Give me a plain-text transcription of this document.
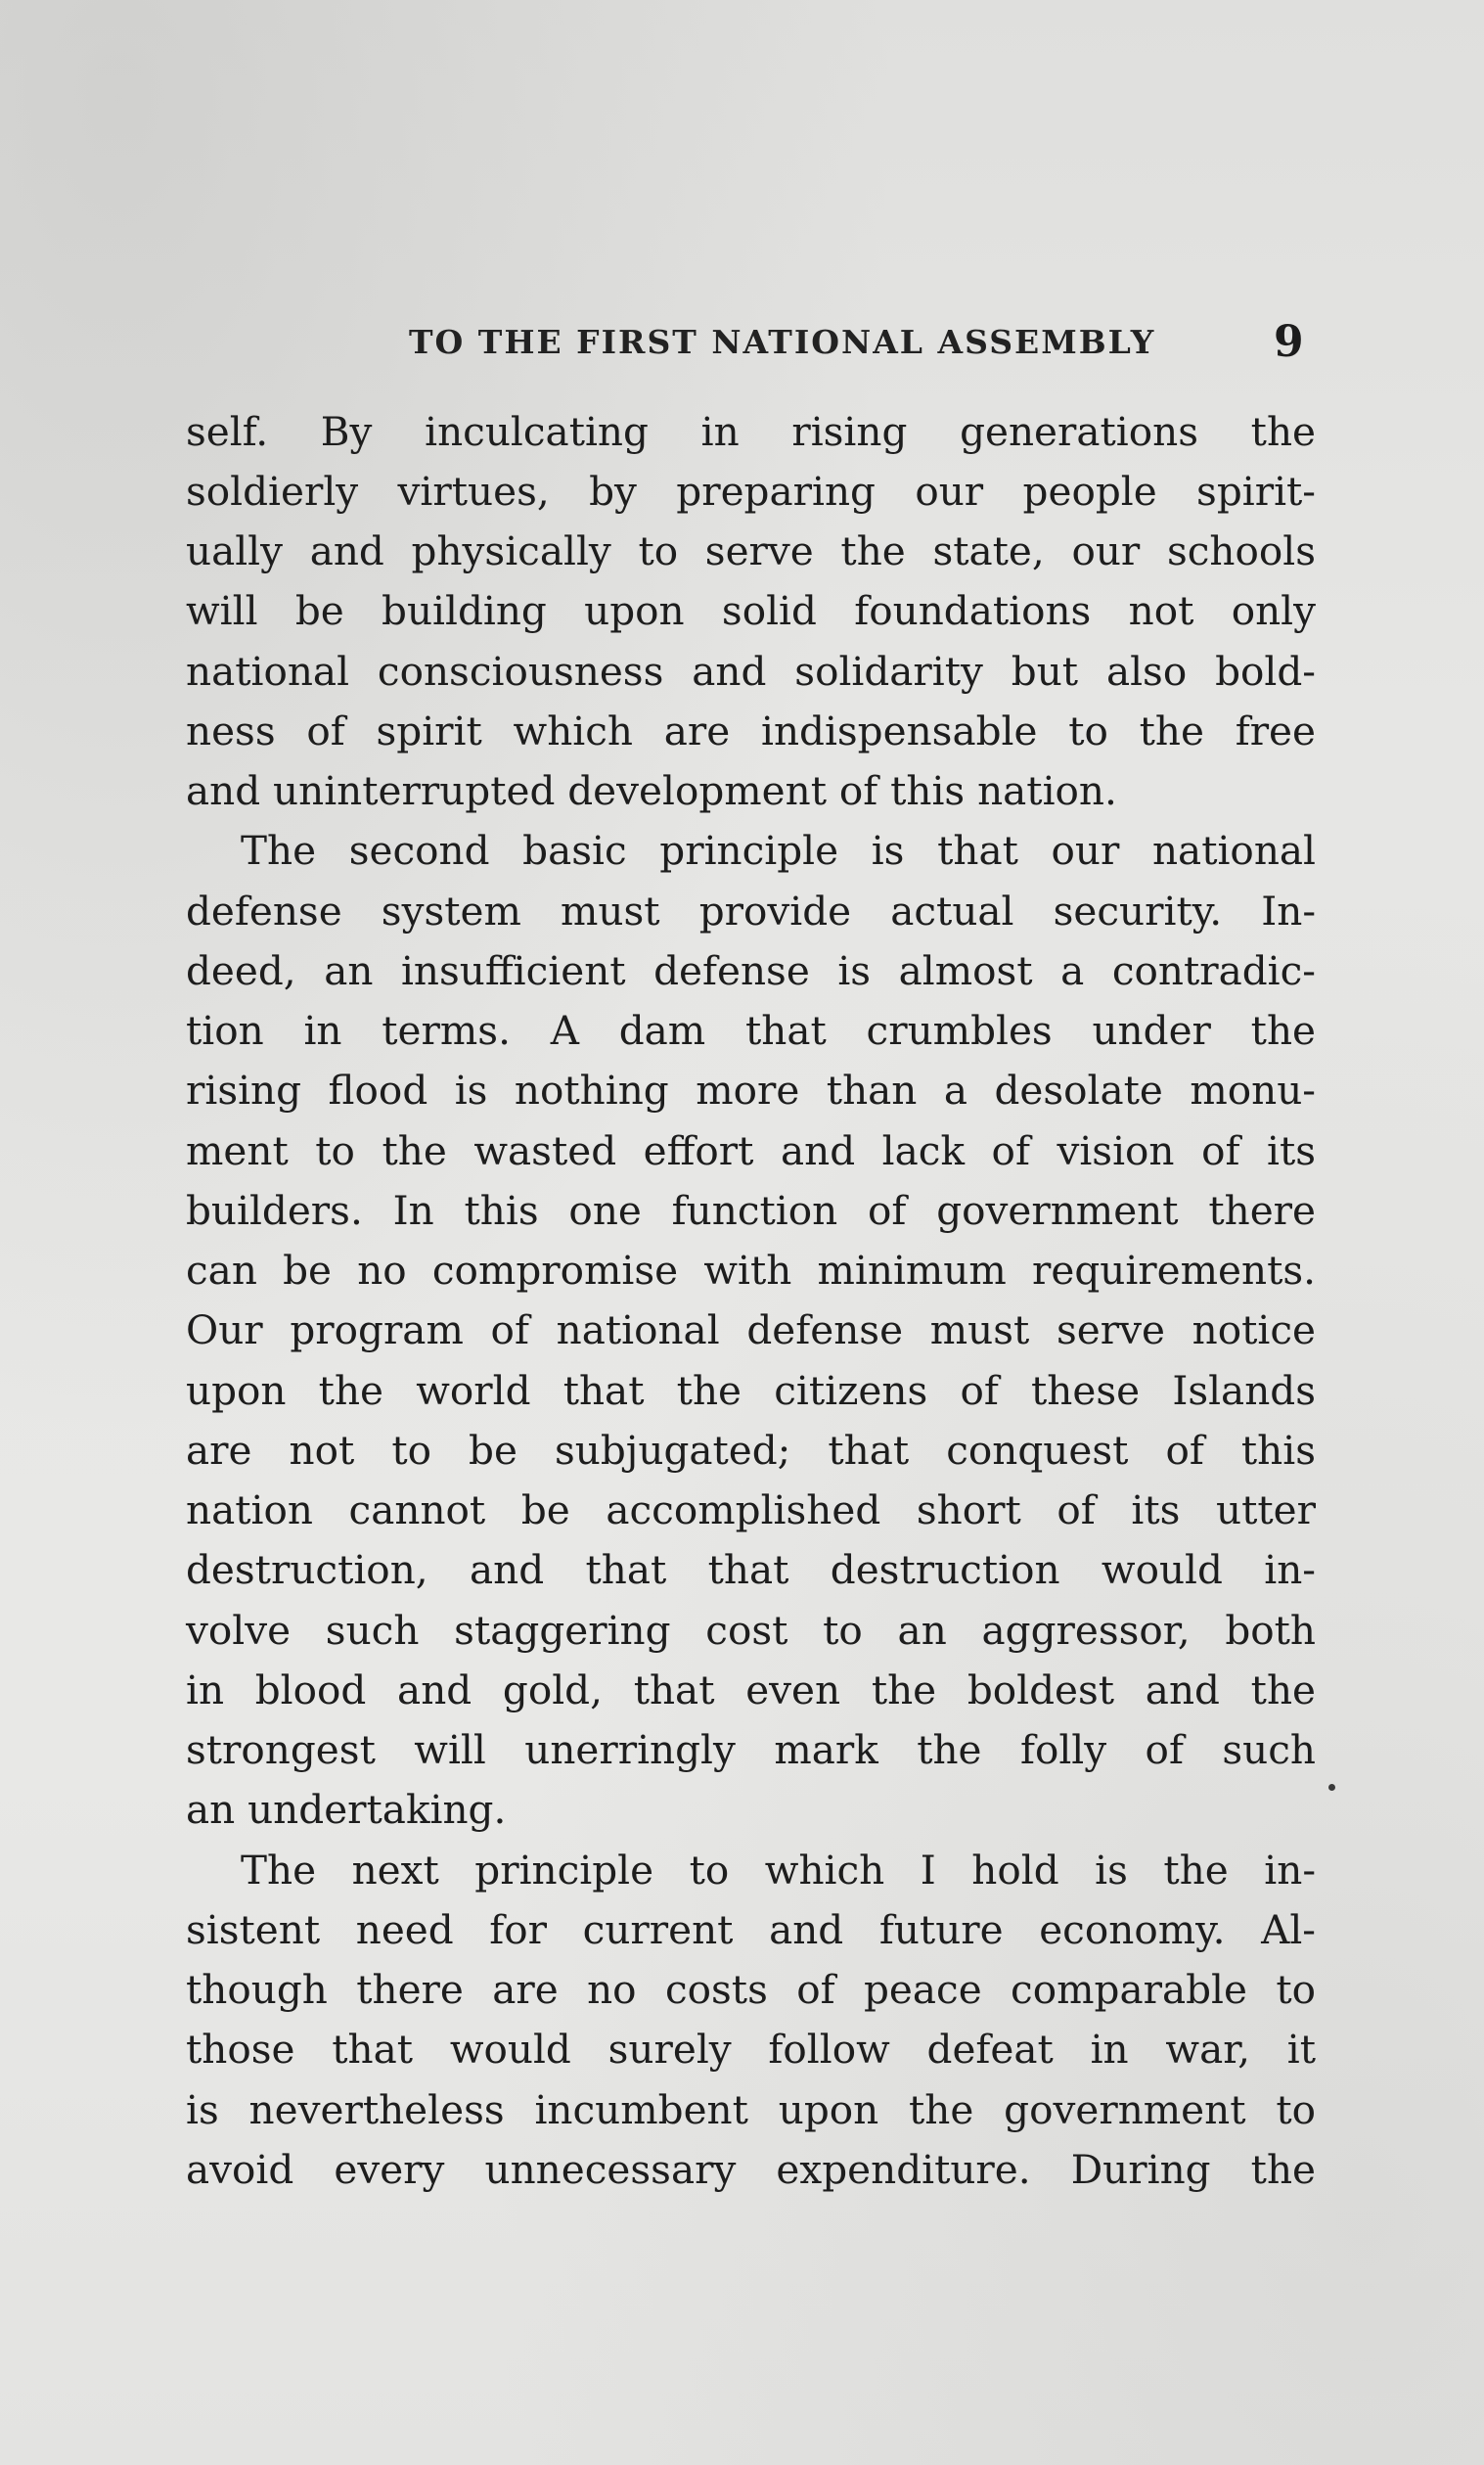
TO THE FIRST NATIONAL ASSEMBLY	9
self. By inculcating in rising generations the
soldierly virtues, by preparing our people spirit-
ually and physically to serve the state, our schools
will be building upon solid foundations not only
national consciousness and solidarity but also bold-
ness of spirit which are indispensable to the free
and uninterrupted development of this nation.
The second basic principle is that our national
defense system must provide actual security. In-
deed, an insufficient defense is almost a contradic-
tion in terms. A dam that crumbles under the
rising flood is nothing more than a desolate monu-
ment to the wasted effort and lack of vision of its
builders. In this one function of government there
can be no compromise with minimum requirements.
Our program of national defense must serve notice
upon the world that the citizens of these Islands
are not to be subjugated; that conquest of this
nation cannot be accomplished short of its utter
destruction, and that that destruction would in-
volve such staggering cost to an aggressor, both
in blood and gold, that even the boldest and the
strongest will unerringly mark the folly of such
an undertaking.
The next principle to which I hold is the in-
sistent need for current and future economy. Al-
though there are no costs of peace comparable to
those that would surely follow defeat in war, it
is nevertheless incumbent upon the government to
avoid every unnecessary expenditure. During the
